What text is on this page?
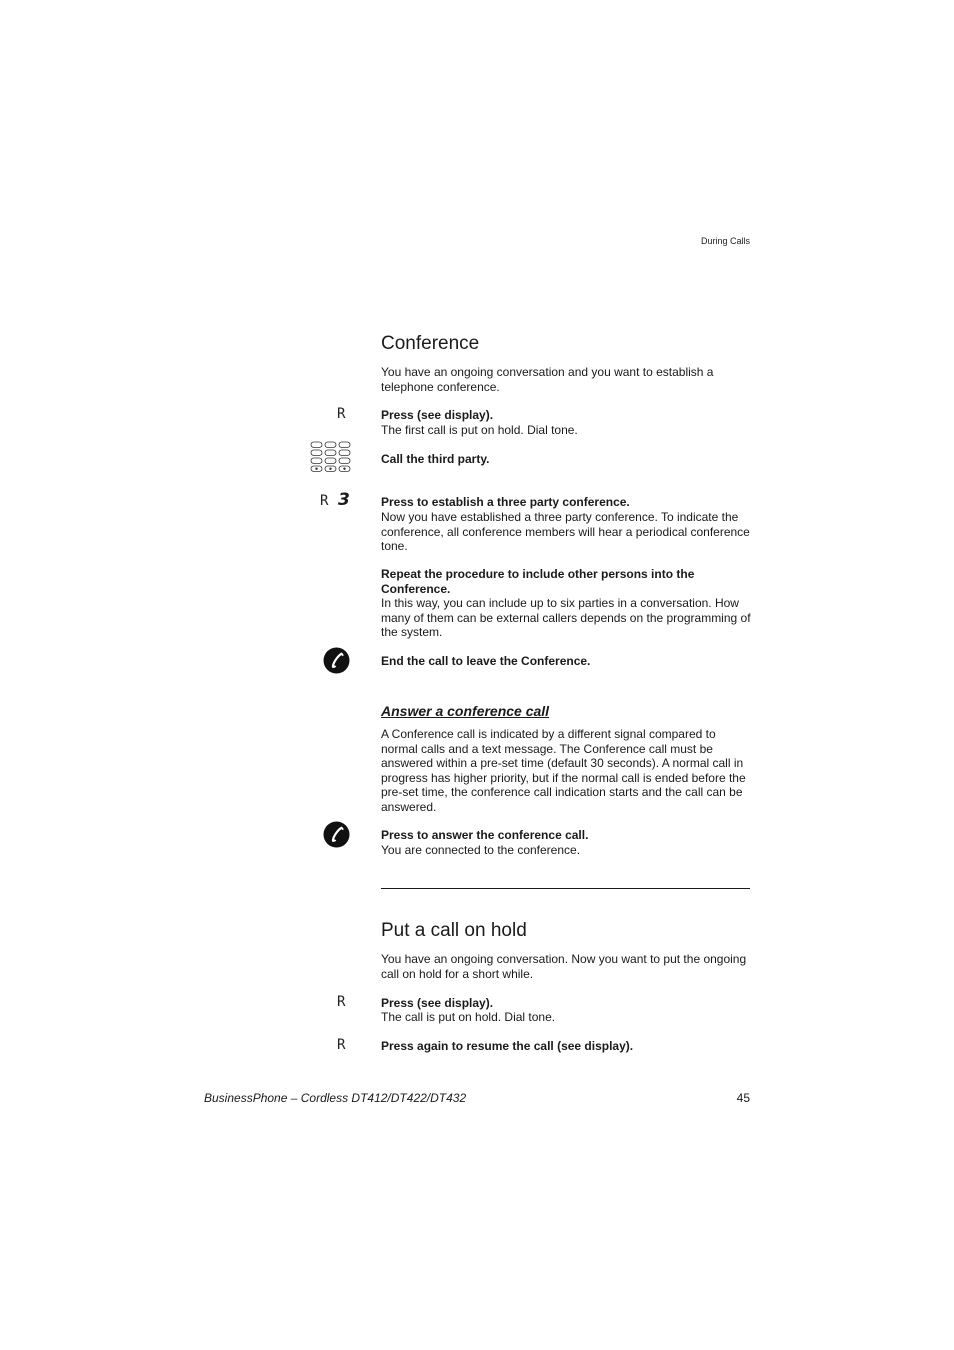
During Calls
Conference

You have an ongoing conversation and you want to establish a telephone conference.

R	Press (see display).

The first call is put on hold. Dial tone.

Call the third party.

R 3	Press to establish a three party conference.

Now you have established a three party conference. To indicate the conference, all conference members will hear a periodical conference tone.

Repeat the procedure to include other persons into the Conference.

In this way, you can include up to six parties in a conversation. How many of them can be external callers depends on the programming of the system.

End the call to leave the Conference.

Answer a conference call

A Conference call is indicated by a different signal compared to normal calls and a text message. The Conference call must be answered within a pre-set time (default 30 seconds). A normal call in progress has higher priority, but if the normal call is ended before the pre-set time, the conference call indication starts and the call can be answered.

Press to answer the conference call.

You are connected to the conference.

Put a call on hold

You have an ongoing conversation. Now you want to put the ongoing call on hold for a short while.

R	Press (see display).

The call is put on hold. Dial tone.

R	Press again to resume the call (see display).

BusinessPhone – Cordless DT412/DT422/DT432	45
